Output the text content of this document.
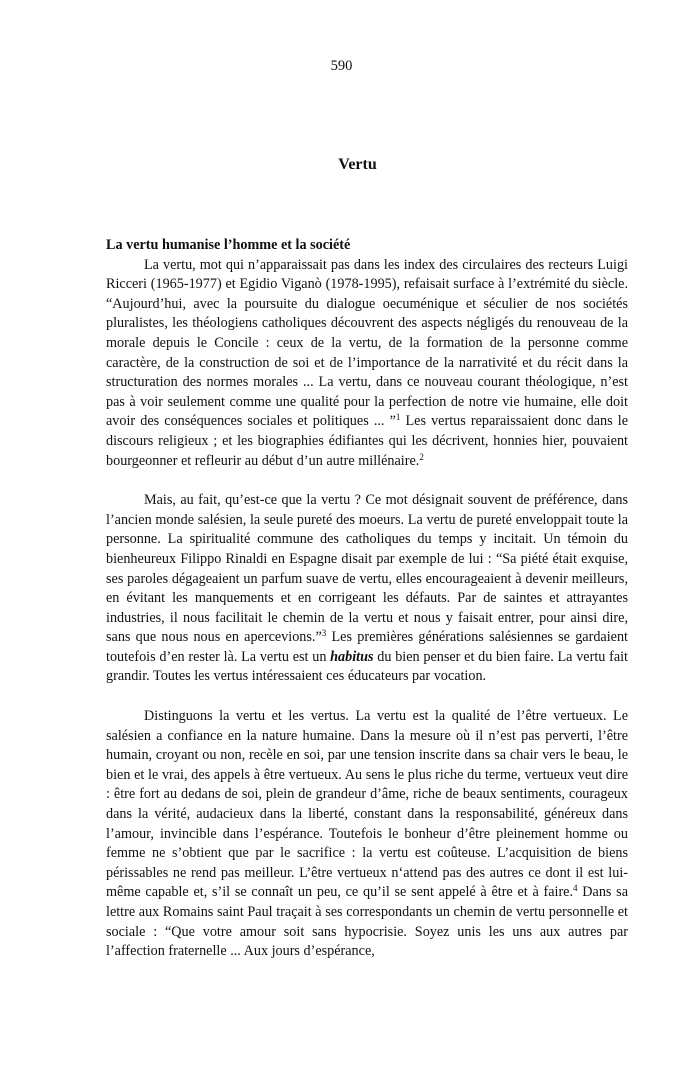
590
Vertu

La vertu humanise l’homme et la société

La vertu, mot qui n’apparaissait pas dans les index des circulaires des recteurs Luigi Ricceri (1965-1977) et Egidio Viganò (1978-1995), refaisait surface à l’extrémité du siècle. “Aujourd’hui, avec la poursuite du dialogue oecuménique et séculier de nos sociétés pluralistes, les théologiens catholiques découvrent des aspects négligés du renouveau de la morale depuis le Concile : ceux de la vertu, de la formation de la personne comme caractère, de la construction de soi et de l’importance de la narrativité et du récit dans la structuration des normes morales ... La vertu, dans ce nouveau courant théologique, n’est pas à voir seulement comme une qualité pour la perfection de notre vie humaine, elle doit avoir des conséquences sociales et politiques ... ”$^1$ Les vertus reparaissaient donc dans le discours religieux ; et les biographies édifiantes qui les décrivent, honnies hier, pouvaient bourgeonner et refleurir au début d’un autre millénaire.$^2$

Mais, au fait, qu’est-ce que la vertu ? Ce mot désignait souvent de préférence, dans l’ancien monde salésien, la seule pureté des moeurs. La vertu de pureté enveloppait toute la personne. La spiritualité commune des catholiques du temps y incitait. Un témoin du bienheureux Filippo Rinaldi en Espagne disait par exemple de lui : “Sa piété était exquise, ses paroles dégageaient un parfum suave de vertu, elles encourageaient à devenir meilleurs, en évitant les manquements et en corrigeant les défauts. Par de saintes et attrayantes industries, il nous facilitait le chemin de la vertu et nous y faisait entrer, pour ainsi dire, sans que nous nous en apercevions.”$^3$ Les premières générations salésiennes se gardaient toutefois d’en rester là. La vertu est un habitus du bien penser et du bien faire. La vertu fait grandir. Toutes les vertus intéressaient ces éducateurs par vocation.

Distinguons la vertu et les vertus. La vertu est la qualité de l’être vertueux. Le salésien a confiance en la nature humaine. Dans la mesure où il n’est pas perverti, l’être humain, croyant ou non, recèle en soi, par une tension inscrite dans sa chair vers le beau, le bien et le vrai, des appels à être vertueux. Au sens le plus riche du terme, vertueux veut dire : être fort au dedans de soi, plein de grandeur d’âme, riche de beaux sentiments, courageux dans la vérité, audacieux dans la liberté, constant dans la responsabilité, généreux dans l’amour, invincible dans l’espérance. Toutefois le bonheur d’être pleinement homme ou femme ne s’obtient que par le sacrifice : la vertu est coûteuse. L’acquisition de biens périssables ne rend pas meilleur. L’être vertueux n‘attend pas des autres ce dont il est lui-même capable et, s’il se connaît un peu, ce qu’il se sent appelé à être et à faire.$^4$ Dans sa lettre aux Romains saint Paul traçait à ses correspondants un chemin de vertu personnelle et sociale : “Que votre amour soit sans hypocrisie. Soyez unis les uns aux autres par l’affection fraternelle ... Aux jours d’espérance,
